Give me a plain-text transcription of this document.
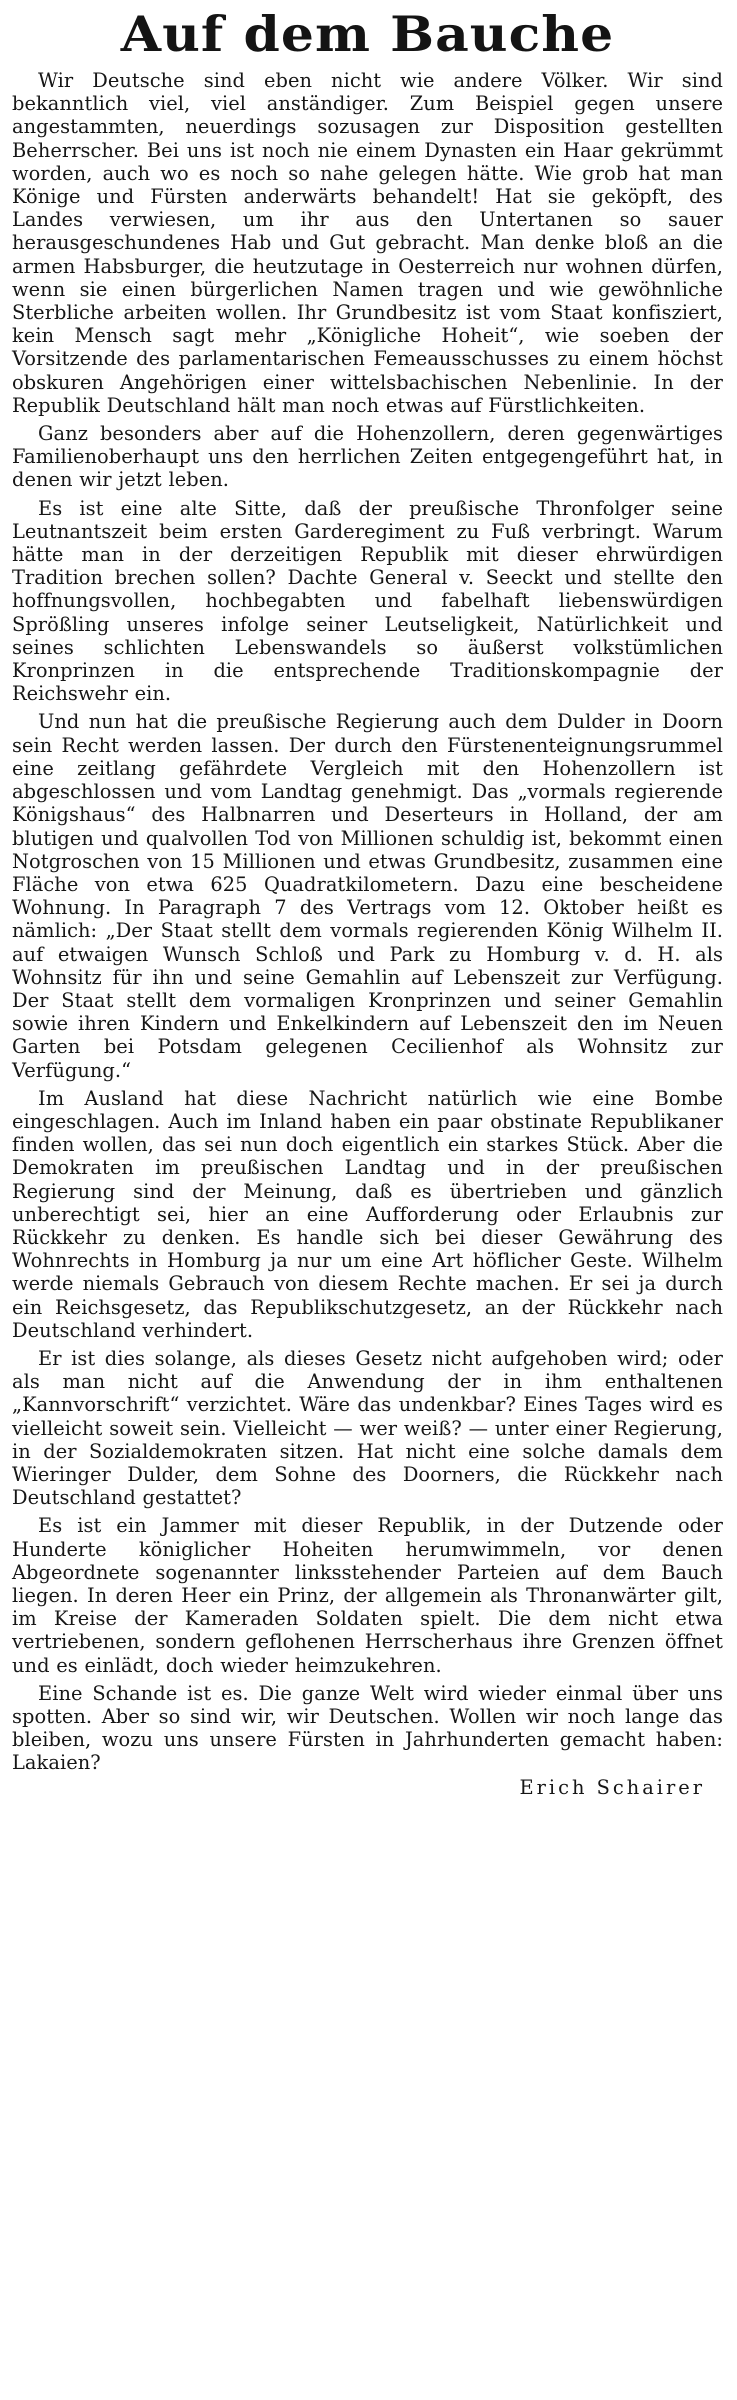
Auf dem Bauche

Wir Deutsche sind eben nicht wie andere Völker. Wir sind bekanntlich viel, viel anständiger. Zum Beispiel gegen unsere angestammten, neuerdings sozusagen zur Disposition gestellten Beherrscher. Bei uns ist noch nie einem Dynasten ein Haar gekrümmt worden, auch wo es noch so nahe gelegen hätte. Wie grob hat man Könige und Fürsten anderwärts behandelt! Hat sie geköpft, des Landes verwiesen, um ihr aus den Untertanen so sauer herausgeschundenes Hab und Gut gebracht. Man denke bloß an die armen Habsburger, die heutzutage in Oesterreich nur wohnen dürfen, wenn sie einen bürgerlichen Namen tragen und wie gewöhnliche Sterbliche arbeiten wollen. Ihr Grundbesitz ist vom Staat konfisziert, kein Mensch sagt mehr „Königliche Hoheit“, wie soeben der Vorsitzende des parlamentarischen Femeausschusses zu einem höchst obskuren Angehörigen einer wittelsbachischen Nebenlinie. In der Republik Deutschland hält man noch etwas auf Fürstlichkeiten.

Ganz besonders aber auf die Hohenzollern, deren gegenwärtiges Familienoberhaupt uns den herrlichen Zeiten entgegengeführt hat, in denen wir jetzt leben.

Es ist eine alte Sitte, daß der preußische Thronfolger seine Leutnantszeit beim ersten Garderegiment zu Fuß verbringt. Warum hätte man in der derzeitigen Republik mit dieser ehrwürdigen Tradition brechen sollen? Dachte General v. Seeckt und stellte den hoffnungsvollen, hochbegabten und fabelhaft liebenswürdigen Sprößling unseres infolge seiner Leutseligkeit, Natürlichkeit und seines schlichten Lebenswandels so äußerst volkstümlichen Kronprinzen in die entsprechende Traditionskompagnie der Reichswehr ein.

Und nun hat die preußische Regierung auch dem Dulder in Doorn sein Recht werden lassen. Der durch den Fürstenenteignungsrummel eine zeitlang gefährdete Vergleich mit den Hohenzollern ist abgeschlossen und vom Landtag genehmigt. Das „vormals regierende Königshaus“ des Halbnarren und Deserteurs in Holland, der am blutigen und qualvollen Tod von Millionen schuldig ist, bekommt einen Notgroschen von 15 Millionen und etwas Grundbesitz, zusammen eine Fläche von etwa 625 Quadratkilometern. Dazu eine bescheidene Wohnung. In Paragraph 7 des Vertrags vom 12. Oktober heißt es nämlich: „Der Staat stellt dem vormals regierenden König Wilhelm II. auf etwaigen Wunsch Schloß und Park zu Homburg v. d. H. als Wohnsitz für ihn und seine Gemahlin auf Lebenszeit zur Verfügung. Der Staat stellt dem vormaligen Kronprinzen und seiner Gemahlin sowie ihren Kindern und Enkelkindern auf Lebenszeit den im Neuen Garten bei Potsdam gelegenen Cecilienhof als Wohnsitz zur Verfügung.“

Im Ausland hat diese Nachricht natürlich wie eine Bombe eingeschlagen. Auch im Inland haben ein paar obstinate Republikaner finden wollen, das sei nun doch eigentlich ein starkes Stück. Aber die Demokraten im preußischen Landtag und in der preußischen Regierung sind der Meinung, daß es übertrieben und gänzlich unberechtigt sei, hier an eine Aufforderung oder Erlaubnis zur Rückkehr zu denken. Es handle sich bei dieser Gewährung des Wohnrechts in Homburg ja nur um eine Art höflicher Geste. Wilhelm werde niemals Gebrauch von diesem Rechte machen. Er sei ja durch ein Reichsgesetz, das Republikschutzgesetz, an der Rückkehr nach Deutschland verhindert.

Er ist dies solange, als dieses Gesetz nicht aufgehoben wird; oder als man nicht auf die Anwendung der in ihm enthaltenen „Kannvorschrift“ verzichtet. Wäre das undenkbar? Eines Tages wird es vielleicht soweit sein. Vielleicht — wer weiß? — unter einer Regierung, in der Sozialdemokraten sitzen. Hat nicht eine solche damals dem Wieringer Dulder, dem Sohne des Doorners, die Rückkehr nach Deutschland gestattet?

Es ist ein Jammer mit dieser Republik, in der Dutzende oder Hunderte königlicher Hoheiten herumwimmeln, vor denen Abgeordnete sogenannter linksstehender Parteien auf dem Bauch liegen. In deren Heer ein Prinz, der allgemein als Thronanwärter gilt, im Kreise der Kameraden Soldaten spielt. Die dem nicht etwa vertriebenen, sondern geflohenen Herrscherhaus ihre Grenzen öffnet und es einlädt, doch wieder heimzukehren.

Eine Schande ist es. Die ganze Welt wird wieder einmal über uns spotten. Aber so sind wir, wir Deutschen. Wollen wir noch lange das bleiben, wozu uns unsere Fürsten in Jahrhunderten gemacht haben: Lakaien?

Erich Schairer
